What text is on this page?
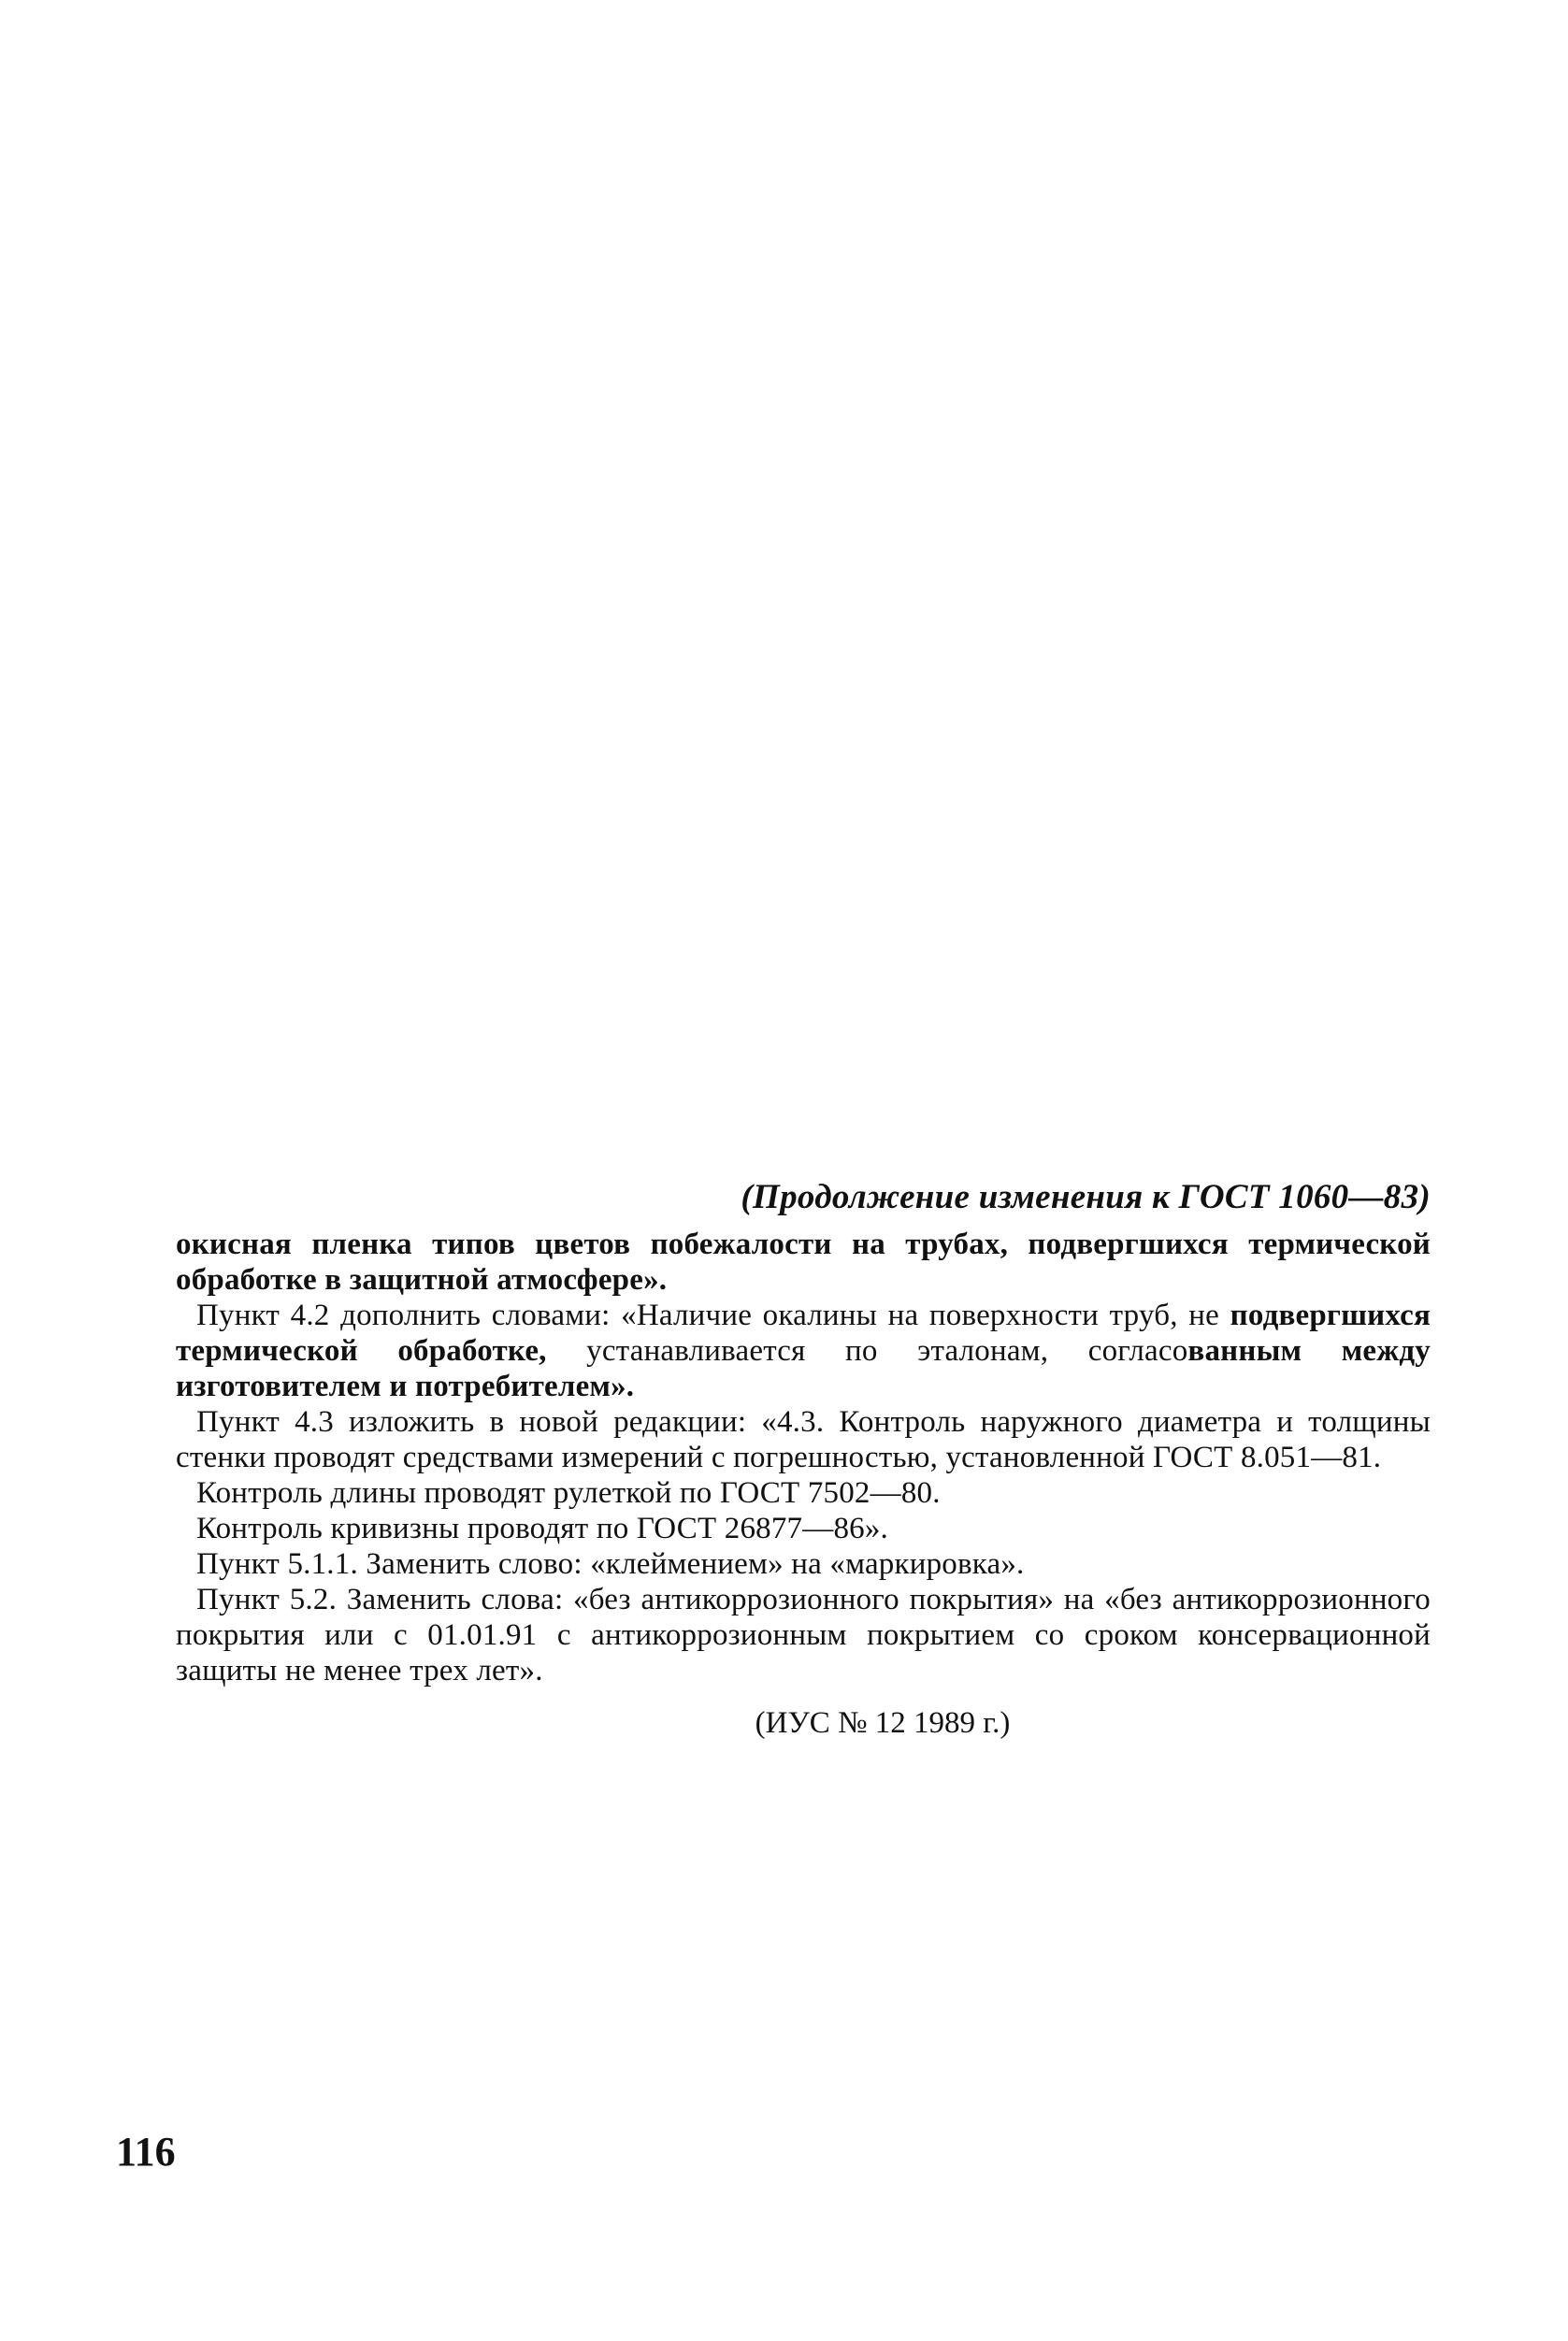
(Продолжение изменения к ГОСТ 1060—83)

окисная пленка типов цветов побежалости на трубах, подвергшихся термической обработке в защитной атмосфере».

Пункт 4.2 дополнить словами: «Наличие окалины на поверхности труб, не подвергшихся термической обработке, устанавливается по эталонам, согласованным между изготовителем и потребителем».

Пункт 4.3 изложить в новой редакции: «4.3. Контроль наружного диаметра и толщины стенки проводят средствами измерений с погрешностью, установленной ГОСТ 8.051—81.

Контроль длины проводят рулеткой по ГОСТ 7502—80.

Контроль кривизны проводят по ГОСТ 26877—86».

Пункт 5.1.1. Заменить слово: «клеймением» на «маркировка».

Пункт 5.2. Заменить слова: «без антикоррозионного покрытия» на «без антикоррозионного покрытия или с 01.01.91 с антикоррозионным покрытием со сроком консервационной защиты не менее трех лет».

(ИУС № 12 1989 г.)
116
